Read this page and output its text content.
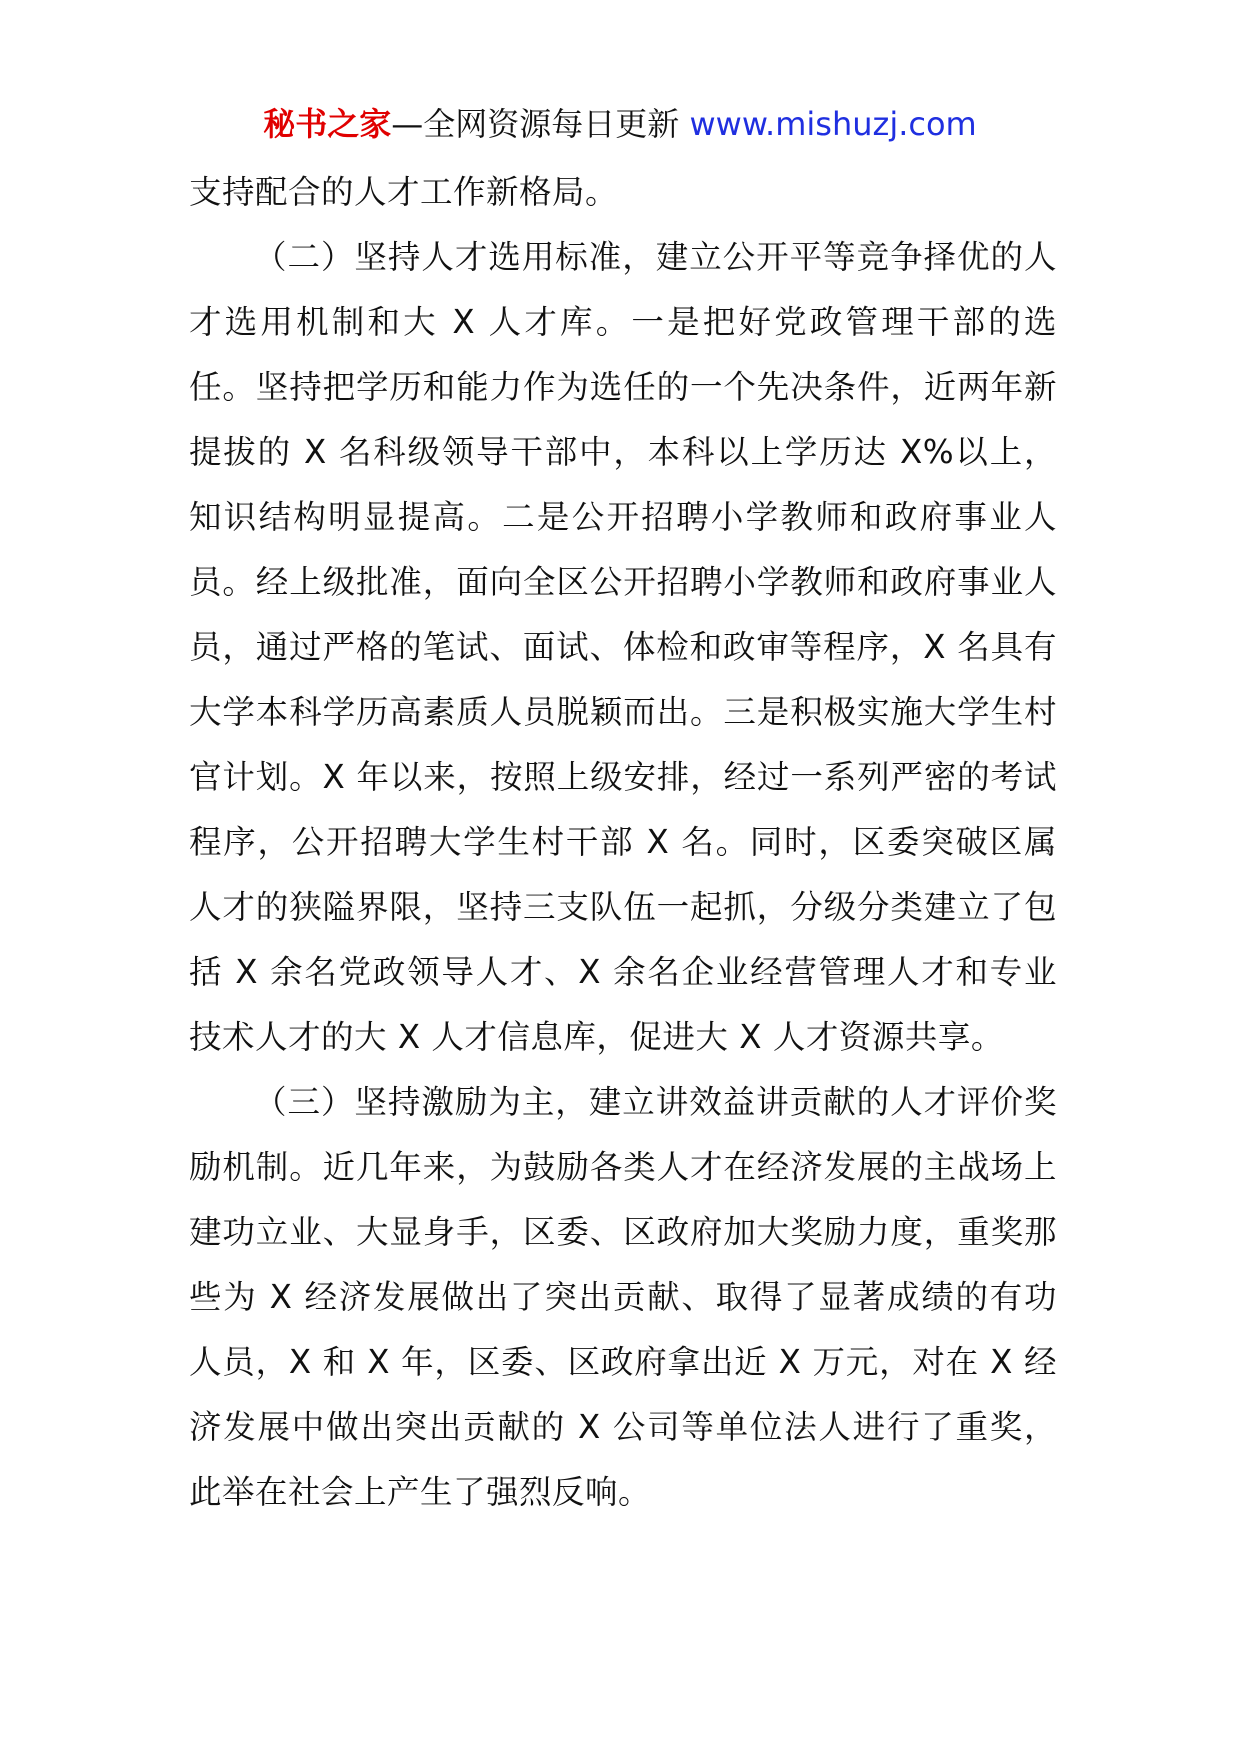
秘书之家—全网资源每日更新 www.mishuzj.com

支持配合的人才工作新格局。

（二）坚持人才选用标准，建立公开平等竞争择优的人才选用机制和大 X 人才库。一是把好党政管理干部的选任。坚持把学历和能力作为选任的一个先决条件，近两年新提拔的 X 名科级领导干部中，本科以上学历达 X%以上，知识结构明显提高。二是公开招聘小学教师和政府事业人员。经上级批准，面向全区公开招聘小学教师和政府事业人员，通过严格的笔试、面试、体检和政审等程序，X 名具有大学本科学历高素质人员脱颖而出。三是积极实施大学生村官计划。X 年以来，按照上级安排，经过一系列严密的考试程序，公开招聘大学生村干部 X 名。同时，区委突破区属人才的狭隘界限，坚持三支队伍一起抓，分级分类建立了包括 X 余名党政领导人才、X 余名企业经营管理人才和专业技术人才的大 X 人才信息库，促进大 X 人才资源共享。

（三）坚持激励为主，建立讲效益讲贡献的人才评价奖励机制。近几年来，为鼓励各类人才在经济发展的主战场上建功立业、大显身手，区委、区政府加大奖励力度，重奖那些为 X 经济发展做出了突出贡献、取得了显著成绩的有功人员，X 和 X 年，区委、区政府拿出近 X 万元，对在 X 经济发展中做出突出贡献的 X 公司等单位法人进行了重奖，此举在社会上产生了强烈反响。
